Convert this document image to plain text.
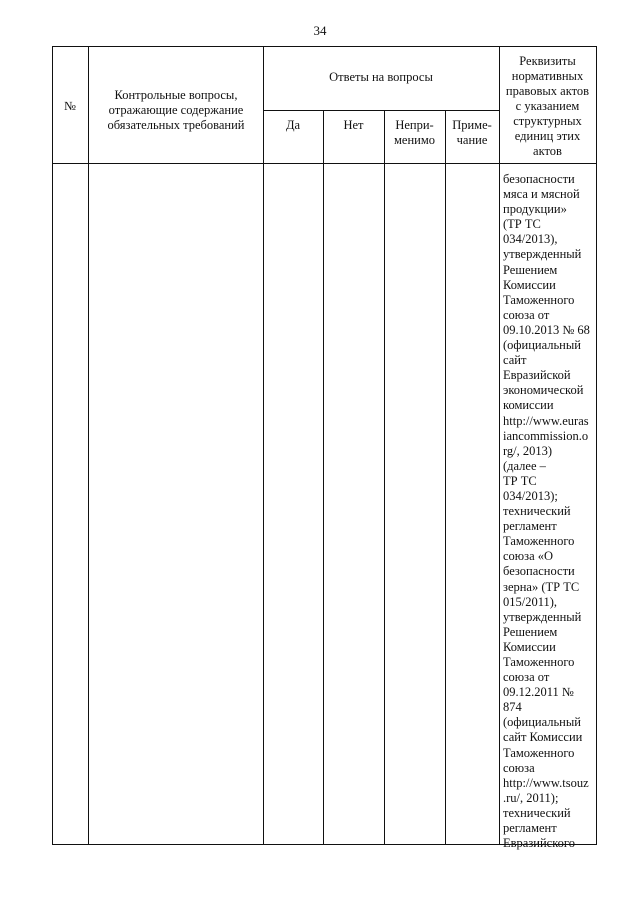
34
№
Контрольные вопросы,
отражающие содержание
обязательных требований
Ответы на вопросы
Да	Нет	Непри-
менимо
Приме-
чание
Реквизиты
нормативных
правовых актов
с указанием
структурных
единиц этих
актов
безопасности
мяса и мясной
продукции»
(ТР ТС
034/2013),
утвержденный
Решением
Комиссии
Таможенного
союза от
09.10.2013 № 68
(официальный
сайт
Евразийской
экономической
комиссии
http://www.euras
iancommission.o
rg/, 2013)
(далее –
ТР ТС
034/2013);
технический
регламент
Таможенного
союза «О
безопасности
зерна» (ТР ТС
015/2011),
утвержденный
Решением
Комиссии
Таможенного
союза от
09.12.2011 №
874
(официальный
сайт Комиссии
Таможенного
союза
http://www.tsouz
.ru/, 2011);
технический
регламент
Евразийского
